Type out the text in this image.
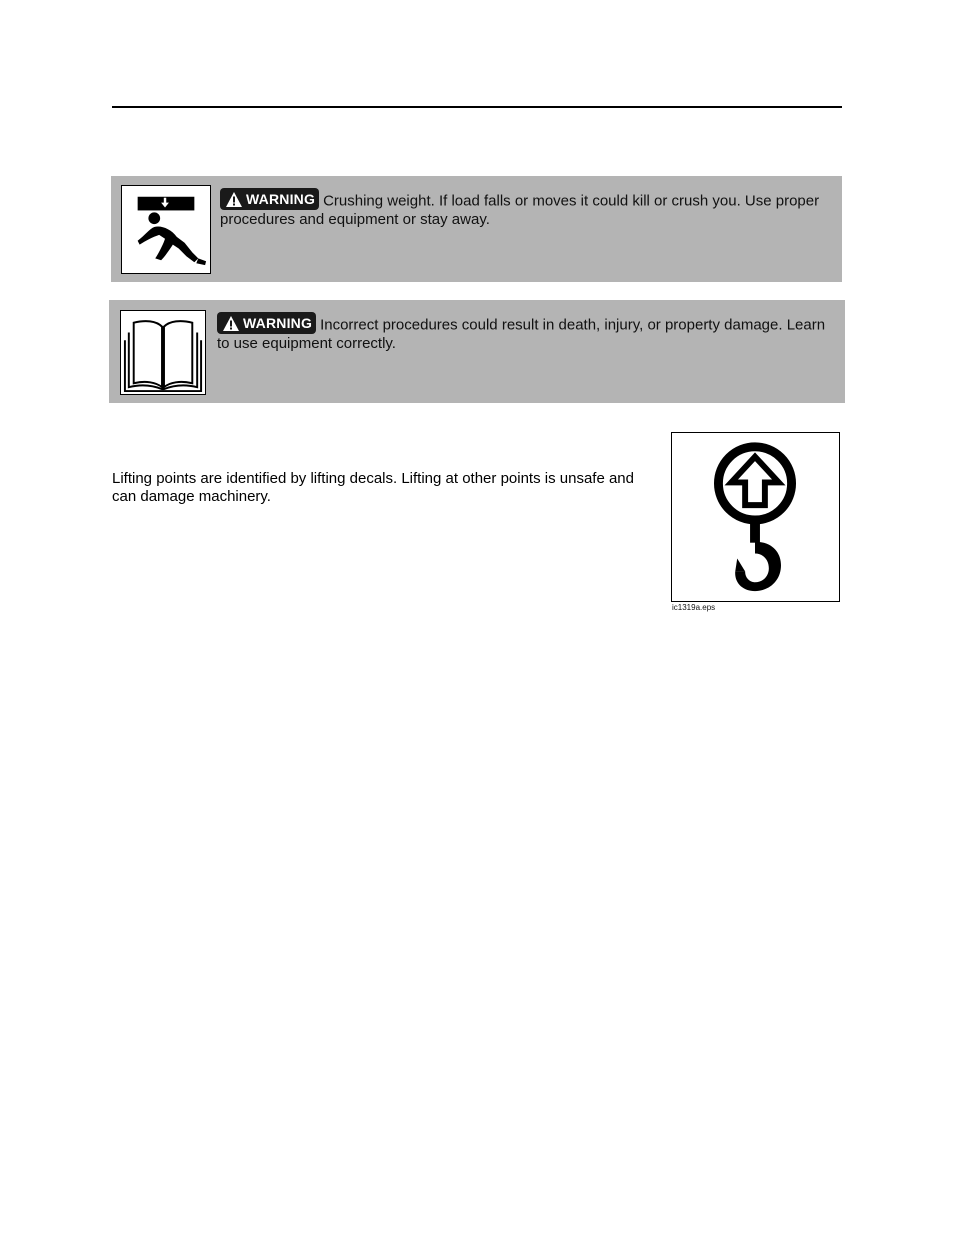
WARNING Crushing weight. If load falls or moves it could kill or crush you. Use proper procedures and equipment or stay away.
WARNING Incorrect procedures could result in death, injury, or property damage. Learn to use equipment correctly.
Lifting points are identified by lifting decals. Lifting at other points is unsafe and can damage machinery.
ic1319a.eps
